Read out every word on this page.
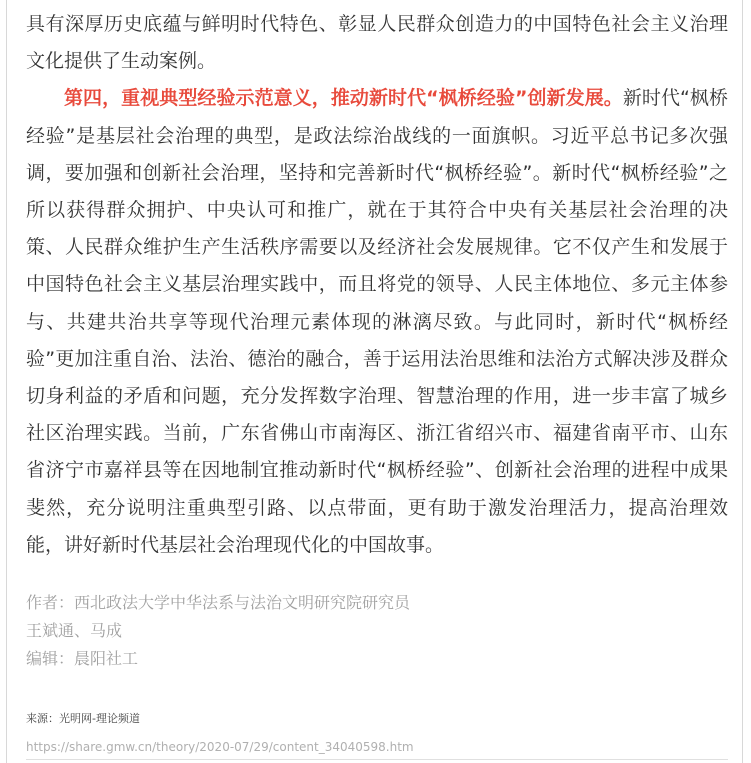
具有深厚历史底蕴与鲜明时代特色、彰显人民群众创造力的中国特色社会主义治理文化提供了生动案例。

第四，重视典型经验示范意义，推动新时代“枫桥经验”创新发展。新时代“枫桥经验”是基层社会治理的典型，是政法综治战线的一面旗帜。习近平总书记多次强调，要加强和创新社会治理，坚持和完善新时代“枫桥经验”。新时代“枫桥经验”之所以获得群众拥护、中央认可和推广，就在于其符合中央有关基层社会治理的决策、人民群众维护生产生活秩序需要以及经济社会发展规律。它不仅产生和发展于中国特色社会主义基层治理实践中，而且将党的领导、人民主体地位、多元主体参与、共建共治共享等现代治理元素体现的淋漓尽致。与此同时，新时代“枫桥经验”更加注重自治、法治、德治的融合，善于运用法治思维和法治方式解决涉及群众切身利益的矛盾和问题，充分发挥数字治理、智慧治理的作用，进一步丰富了城乡社区治理实践。当前，广东省佛山市南海区、浙江省绍兴市、福建省南平市、山东省济宁市嘉祥县等在因地制宜推动新时代“枫桥经验”、创新社会治理的进程中成果斐然，充分说明注重典型引路、以点带面，更有助于激发治理活力，提高治理效能，讲好新时代基层社会治理现代化的中国故事。

作者：西北政法大学中华法系与法治文明研究院研究员
王斌通、马成
编辑：晨阳社工
来源：光明网-理论频道
https://share.gmw.cn/theory/2020-07/29/content_34040598.htm
